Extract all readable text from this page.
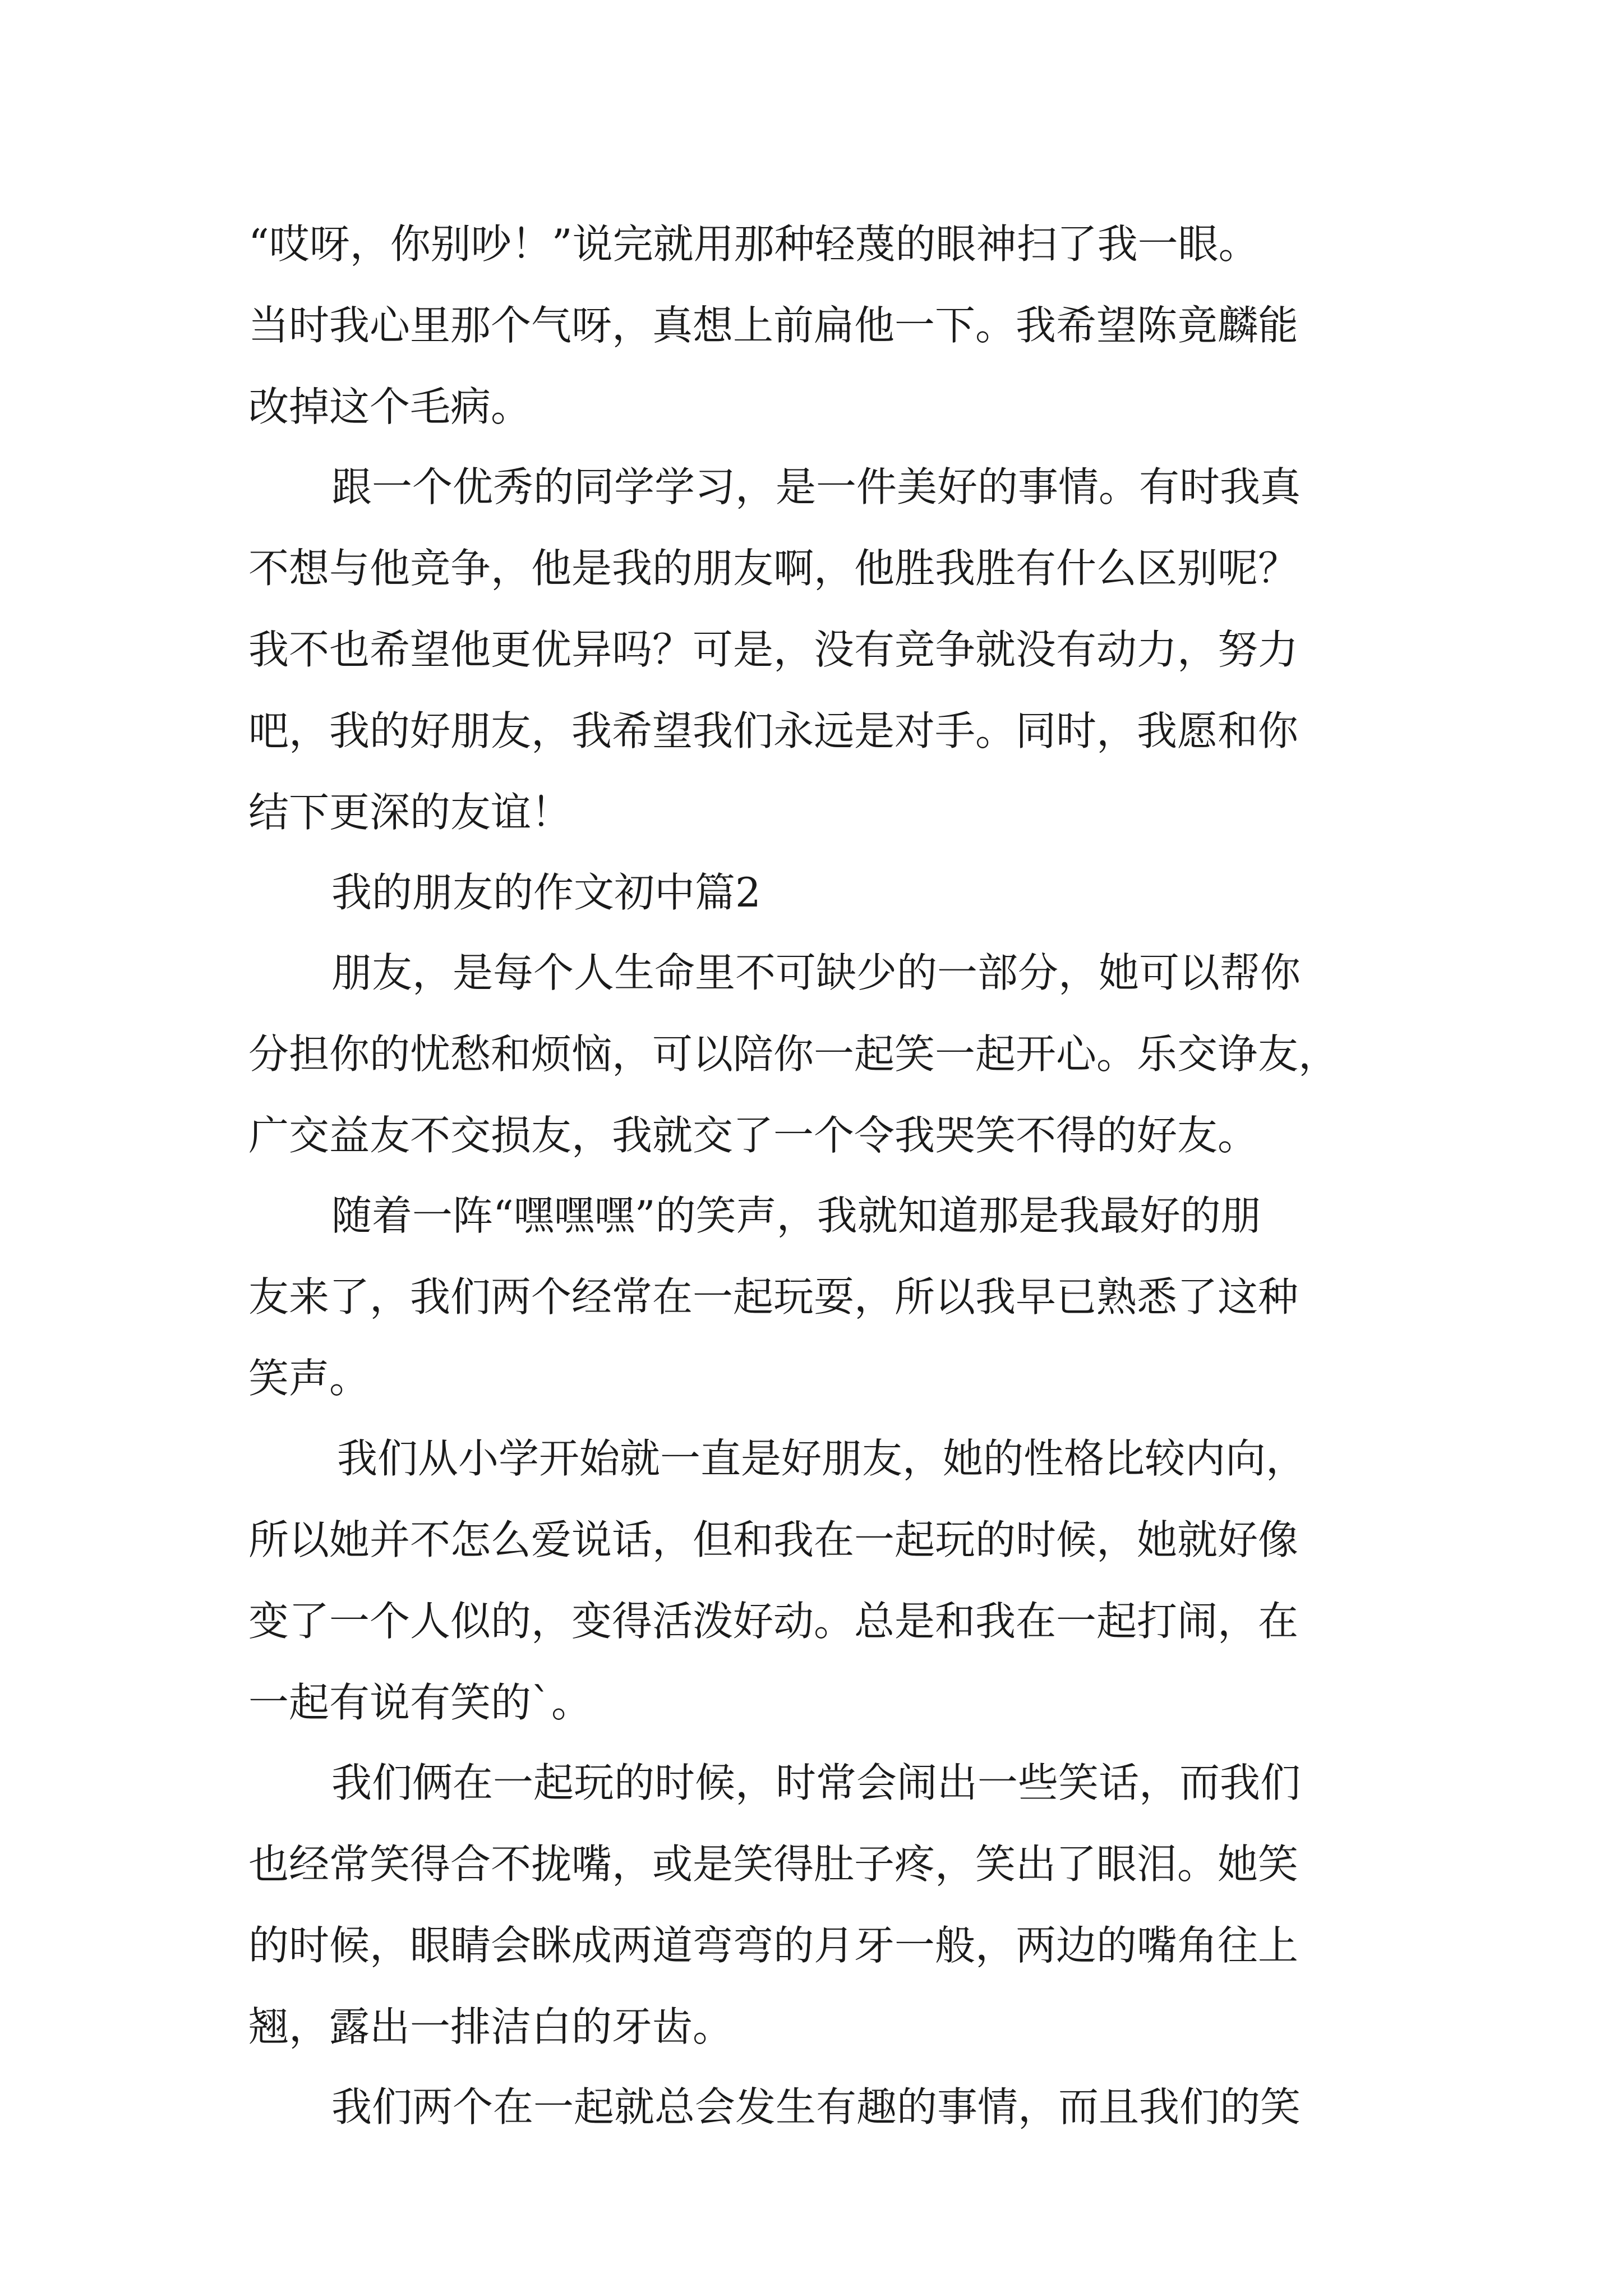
“哎呀，你别吵！”说完就用那种轻蔑的眼神扫了我一眼。
当时我心里那个气呀，真想上前扁他一下。我希望陈竟麟能
改掉这个毛病。
跟一个优秀的同学学习，是一件美好的事情。有时我真
不想与他竞争，他是我的朋友啊，他胜我胜有什么区别呢？
我不也希望他更优异吗？可是，没有竞争就没有动力，努力
吧，我的好朋友，我希望我们永远是对手。同时，我愿和你
结下更深的友谊！
我的朋友的作文初中篇2
朋友，是每个人生命里不可缺少的一部分，她可以帮你
分担你的忧愁和烦恼，可以陪你一起笑一起开心。乐交诤友，
广交益友不交损友，我就交了一个令我哭笑不得的好友。
随着一阵“嘿嘿嘿”的笑声，我就知道那是我最好的朋
友来了，我们两个经常在一起玩耍，所以我早已熟悉了这种
笑声。
我们从小学开始就一直是好朋友，她的性格比较内向，
所以她并不怎么爱说话，但和我在一起玩的时候，她就好像
变了一个人似的，变得活泼好动。总是和我在一起打闹，在
一起有说有笑的`。
我们俩在一起玩的时候，时常会闹出一些笑话，而我们
也经常笑得合不拢嘴，或是笑得肚子疼，笑出了眼泪。她笑
的时候，眼睛会眯成两道弯弯的月牙一般，两边的嘴角往上
翘，露出一排洁白的牙齿。
我们两个在一起就总会发生有趣的事情，而且我们的笑
